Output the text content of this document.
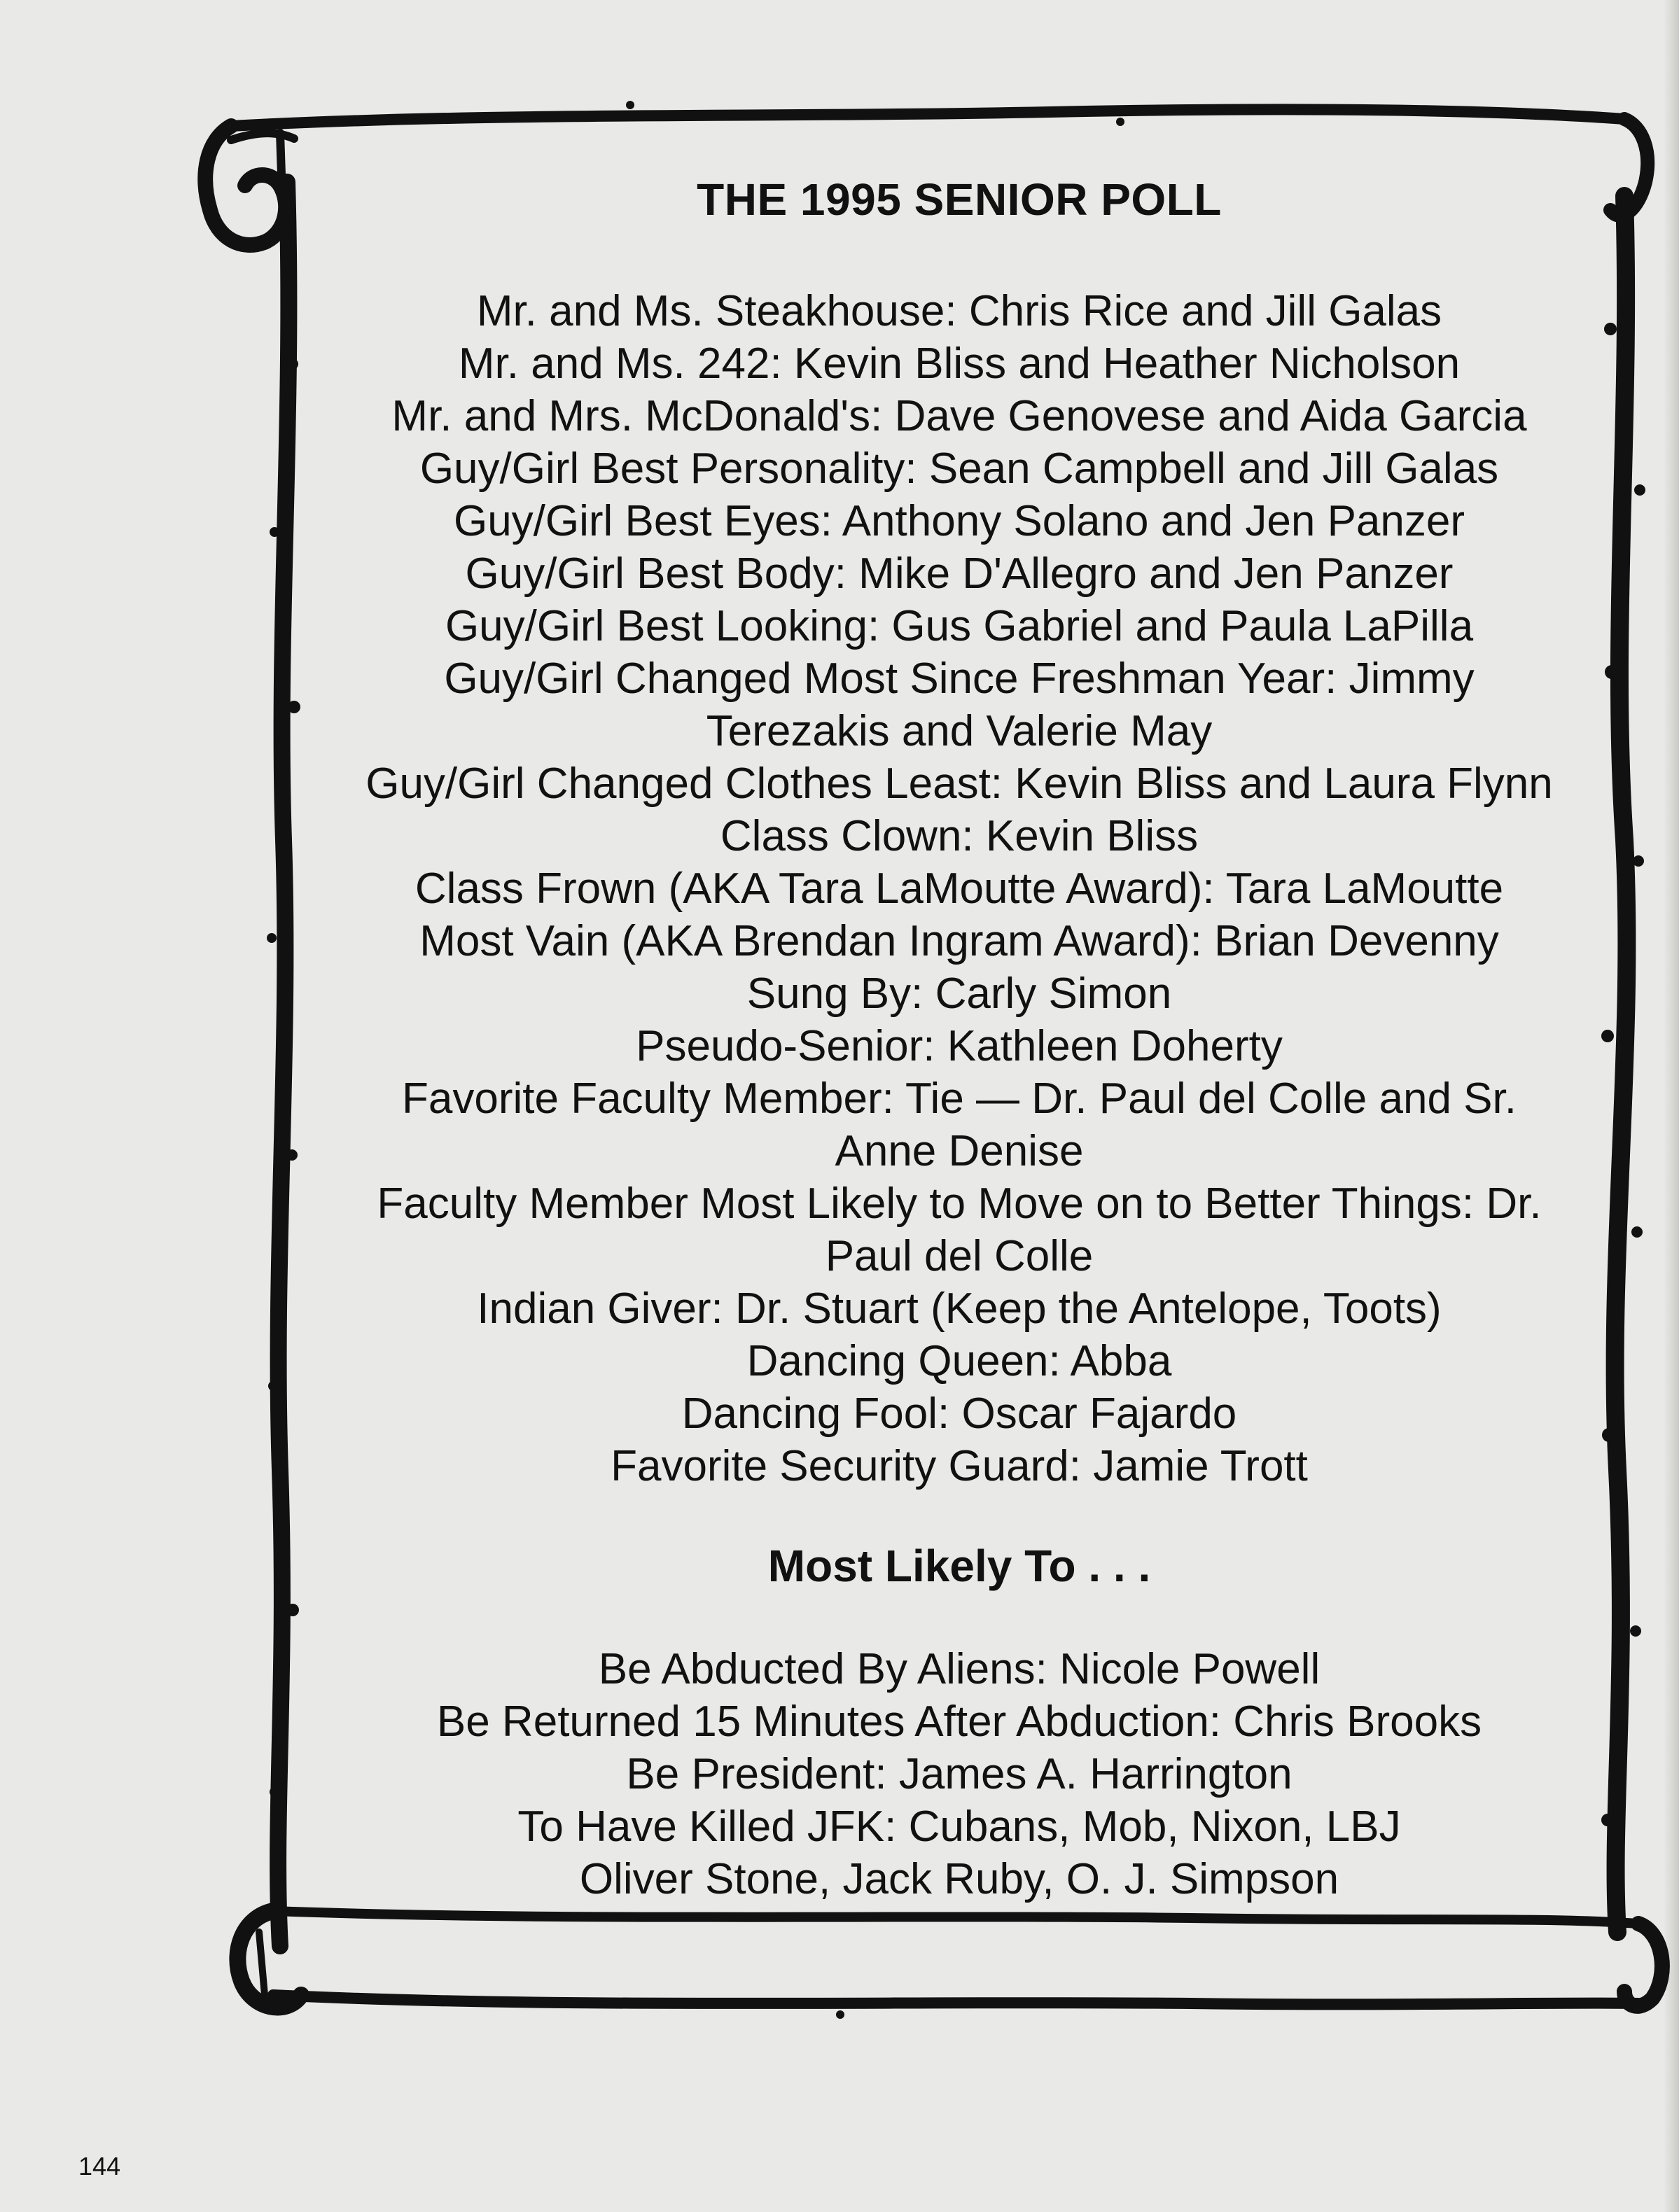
THE 1995 SENIOR POLL
Mr. and Ms. Steakhouse: Chris Rice and Jill Galas
Mr. and Ms. 242: Kevin Bliss and Heather Nicholson
Mr. and Mrs. McDonald's: Dave Genovese and Aida Garcia
Guy/Girl Best Personality: Sean Campbell and Jill Galas
Guy/Girl Best Eyes: Anthony Solano and Jen Panzer
Guy/Girl Best Body: Mike D'Allegro and Jen Panzer
Guy/Girl Best Looking: Gus Gabriel and Paula LaPilla
Guy/Girl Changed Most Since Freshman Year: Jimmy
Terezakis and Valerie May
Guy/Girl Changed Clothes Least: Kevin Bliss and Laura Flynn
Class Clown: Kevin Bliss
Class Frown (AKA Tara LaMoutte Award): Tara LaMoutte
Most Vain (AKA Brendan Ingram Award): Brian Devenny
Sung By: Carly Simon
Pseudo-Senior: Kathleen Doherty
Favorite Faculty Member: Tie — Dr. Paul del Colle and Sr.
Anne Denise
Faculty Member Most Likely to Move on to Better Things: Dr.
Paul del Colle
Indian Giver: Dr. Stuart (Keep the Antelope, Toots)
Dancing Queen: Abba
Dancing Fool: Oscar Fajardo
Favorite Security Guard: Jamie Trott
Most Likely To . . .
Be Abducted By Aliens: Nicole Powell
Be Returned 15 Minutes After Abduction: Chris Brooks
Be President: James A. Harrington
To Have Killed JFK: Cubans, Mob, Nixon, LBJ
Oliver Stone, Jack Ruby, O. J. Simpson
144
